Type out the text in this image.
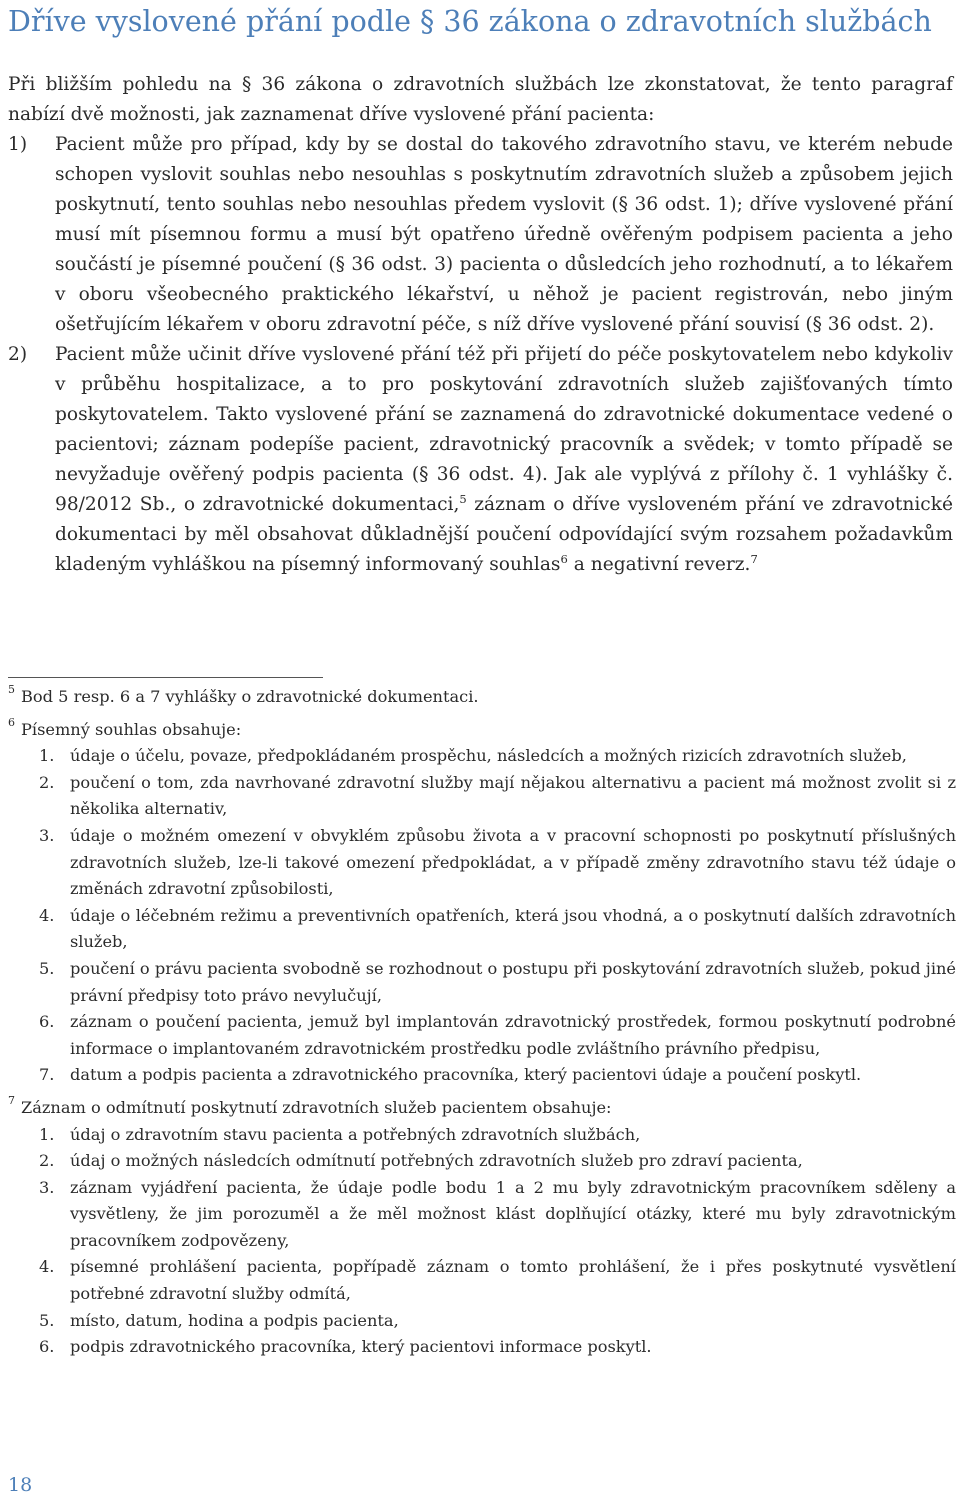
Dříve vyslovené přání podle § 36 zákona o zdravotních službách

Při bližším pohledu na § 36 zákona o zdravotních službách lze zkonstatovat, že tento paragraf nabízí dvě možnosti, jak zaznamenat dříve vyslovené přání pacienta:

1) Pacient může pro případ, kdy by se dostal do takového zdravotního stavu, ve kterém nebude schopen vyslovit souhlas nebo nesouhlas s poskytnutím zdravotních služeb a způsobem jejich poskytnutí, tento souhlas nebo nesouhlas předem vyslovit (§ 36 odst. 1); dříve vyslovené přání musí mít písemnou formu a musí být opatřeno úředně ověřeným podpisem pacienta a jeho součástí je písemné poučení (§ 36 odst. 3) pacienta o důsledcích jeho rozhodnutí, a to lékařem v oboru všeobecného praktického lékařství, u něhož je pacient registrován, nebo jiným ošetřujícím lékařem v oboru zdravotní péče, s níž dříve vyslovené přání souvisí (§ 36 odst. 2).
2) Pacient může učinit dříve vyslovené přání též při přijetí do péče poskytovatelem nebo kdykoliv v průběhu hospitalizace, a to pro poskytování zdravotních služeb zajišťovaných tímto poskytovatelem. Takto vyslovené přání se zaznamená do zdravotnické dokumentace vedené o pacientovi; záznam podepíše pacient, zdravotnický pracovník a svědek; v tomto případě se nevyžaduje ověřený podpis pacienta (§ 36 odst. 4). Jak ale vyplývá z přílohy č. 1 vyhlášky č. 98/2012 Sb., o zdravotnické dokumentaci,$^5$ záznam o dříve vysloveném přání ve zdravotnické dokumentaci by měl obsahovat důkladnější poučení odpovídající svým rozsahem požadavkům kladeným vyhláškou na písemný informovaný souhlas$^6$ a negativní reverz.$^7$
5 Bod 5 resp. 6 a 7 vyhlášky o zdravotnické dokumentaci.
6 Písemný souhlas obsahuje:
1. údaje o účelu, povaze, předpokládaném prospěchu, následcích a možných rizicích zdravotních služeb,
2. poučení o tom, zda navrhované zdravotní služby mají nějakou alternativu a pacient má možnost zvolit si z několika alternativ,
3. údaje o možném omezení v obvyklém způsobu života a v pracovní schopnosti po poskytnutí příslušných zdravotních služeb, lze-li takové omezení předpokládat, a v případě změny zdravotního stavu též údaje o změnách zdravotní způsobilosti,
4. údaje o léčebném režimu a preventivních opatřeních, která jsou vhodná, a o poskytnutí dalších zdravotních služeb,
5. poučení o právu pacienta svobodně se rozhodnout o postupu při poskytování zdravotních služeb, pokud jiné právní předpisy toto právo nevylučují,
6. záznam o poučení pacienta, jemuž byl implantován zdravotnický prostředek, formou poskytnutí podrobné informace o implantovaném zdravotnickém prostředku podle zvláštního právního předpisu,
7. datum a podpis pacienta a zdravotnického pracovníka, který pacientovi údaje a poučení poskytl.
7 Záznam o odmítnutí poskytnutí zdravotních služeb pacientem obsahuje:
1. údaj o zdravotním stavu pacienta a potřebných zdravotních službách,
2. údaj o možných následcích odmítnutí potřebných zdravotních služeb pro zdraví pacienta,
3. záznam vyjádření pacienta, že údaje podle bodu 1 a 2 mu byly zdravotnickým pracovníkem sděleny a vysvětleny, že jim porozuměl a že měl možnost klást doplňující otázky, které mu byly zdravotnickým pracovníkem zodpovězeny,
4. písemné prohlášení pacienta, popřípadě záznam o tomto prohlášení, že i přes poskytnuté vysvětlení potřebné zdravotní služby odmítá,
5. místo, datum, hodina a podpis pacienta,
6. podpis zdravotnického pracovníka, který pacientovi informace poskytl.

18
